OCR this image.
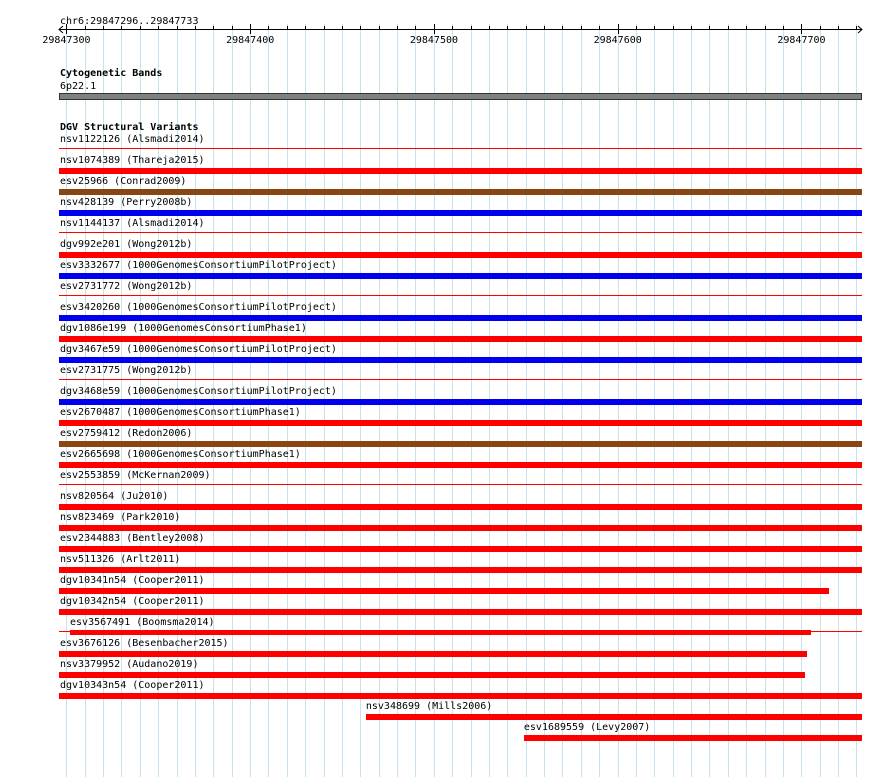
chr6:29847296..29847733
29847300	29847400	29847500	29847600	29847700
Cytogenetic Bands
6p22.1
DGV Structural Variants
nsv1122126 (Alsmadi2014)
nsv1074389 (Thareja2015)
esv25966 (Conrad2009)
nsv428139 (Perry2008b)
nsv1144137 (Alsmadi2014)
dgv992e201 (Wong2012b)
esv3332677 (1000GenomesConsortiumPilotProject)
esv2731772 (Wong2012b)
esv3420260 (1000GenomesConsortiumPilotProject)
dgv1086e199 (1000GenomesConsortiumPhase1)
dgv3467e59 (1000GenomesConsortiumPilotProject)
esv2731775 (Wong2012b)
dgv3468e59 (1000GenomesConsortiumPilotProject)
esv2670487 (1000GenomesConsortiumPhase1)
esv2759412 (Redon2006)
esv2665698 (1000GenomesConsortiumPhase1)
esv2553859 (McKernan2009)
nsv820564 (Ju2010)
nsv823469 (Park2010)
esv2344883 (Bentley2008)
nsv511326 (Arlt2011)
dgv10341n54 (Cooper2011)
dgv10342n54 (Cooper2011)
esv3567491 (Boomsma2014)
esv3676126 (Besenbacher2015)
nsv3379952 (Audano2019)
dgv10343n54 (Cooper2011)
nsv348699 (Mills2006)
esv1689559 (Levy2007)
